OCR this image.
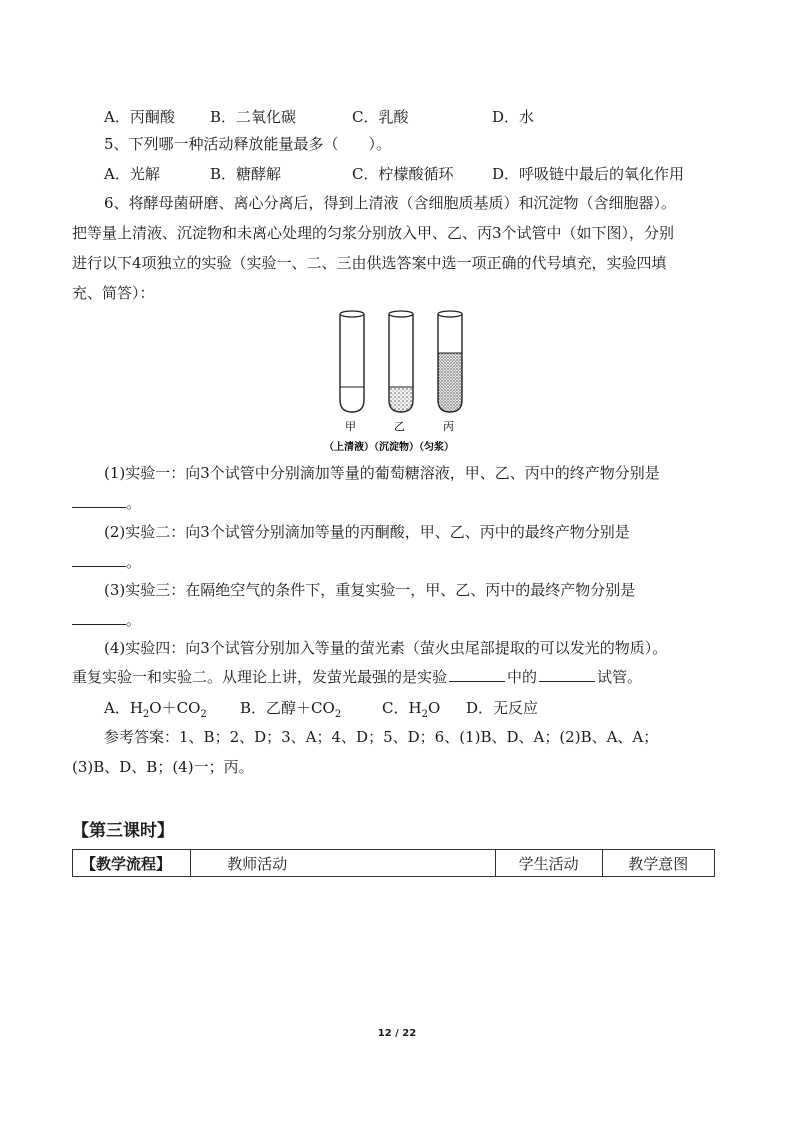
A．丙酮酸 B．二氧化碳	C．乳酸	D．水
5、下列哪一种活动释放能量最多（　　）。
A．光解	B．糖酵解	C．柠檬酸循环	D．呼吸链中最后的氧化作用
6、将酵母菌研磨、离心分离后，得到上清液（含细胞质基质）和沉淀物（含细胞器）。
把等量上清液、沉淀物和未离心处理的匀浆分别放入甲、乙、丙3个试管中（如下图），分别
进行以下4项独立的实验（实验一、二、三由供选答案中选一项正确的代号填充，实验四填
充、简答）：
甲	乙	丙
（上清液）（沉淀物）（匀浆）
(1)实验一：向3个试管中分别滴加等量的葡萄糖溶液，甲、乙、丙中的终产物分别是
。
(2)实验二：向3个试管分别滴加等量的丙酮酸，甲、乙、丙中的最终产物分别是
。
(3)实验三：在隔绝空气的条件下，重复实验一，甲、乙、丙中的最终产物分别是
。
(4)实验四：向3个试管分别加入等量的萤光素（萤火虫尾部提取的可以发光的物质）。
重复实验一和实验二。从理论上讲，发萤光最强的是实验	中的	试管。
A．$H_2O+CO_2$ B．乙醇$+CO_2$	C．$H_2O$ D．无反应
参考答案：1、B；2、D；3、A；4、D；5、D；6、(1)B、D、A；(2)B、A、A；
(3)B、D、B；(4)一；丙。
【第三课时】
【教学流程】	教师活动	学生活动	教学意图
12 / 22
